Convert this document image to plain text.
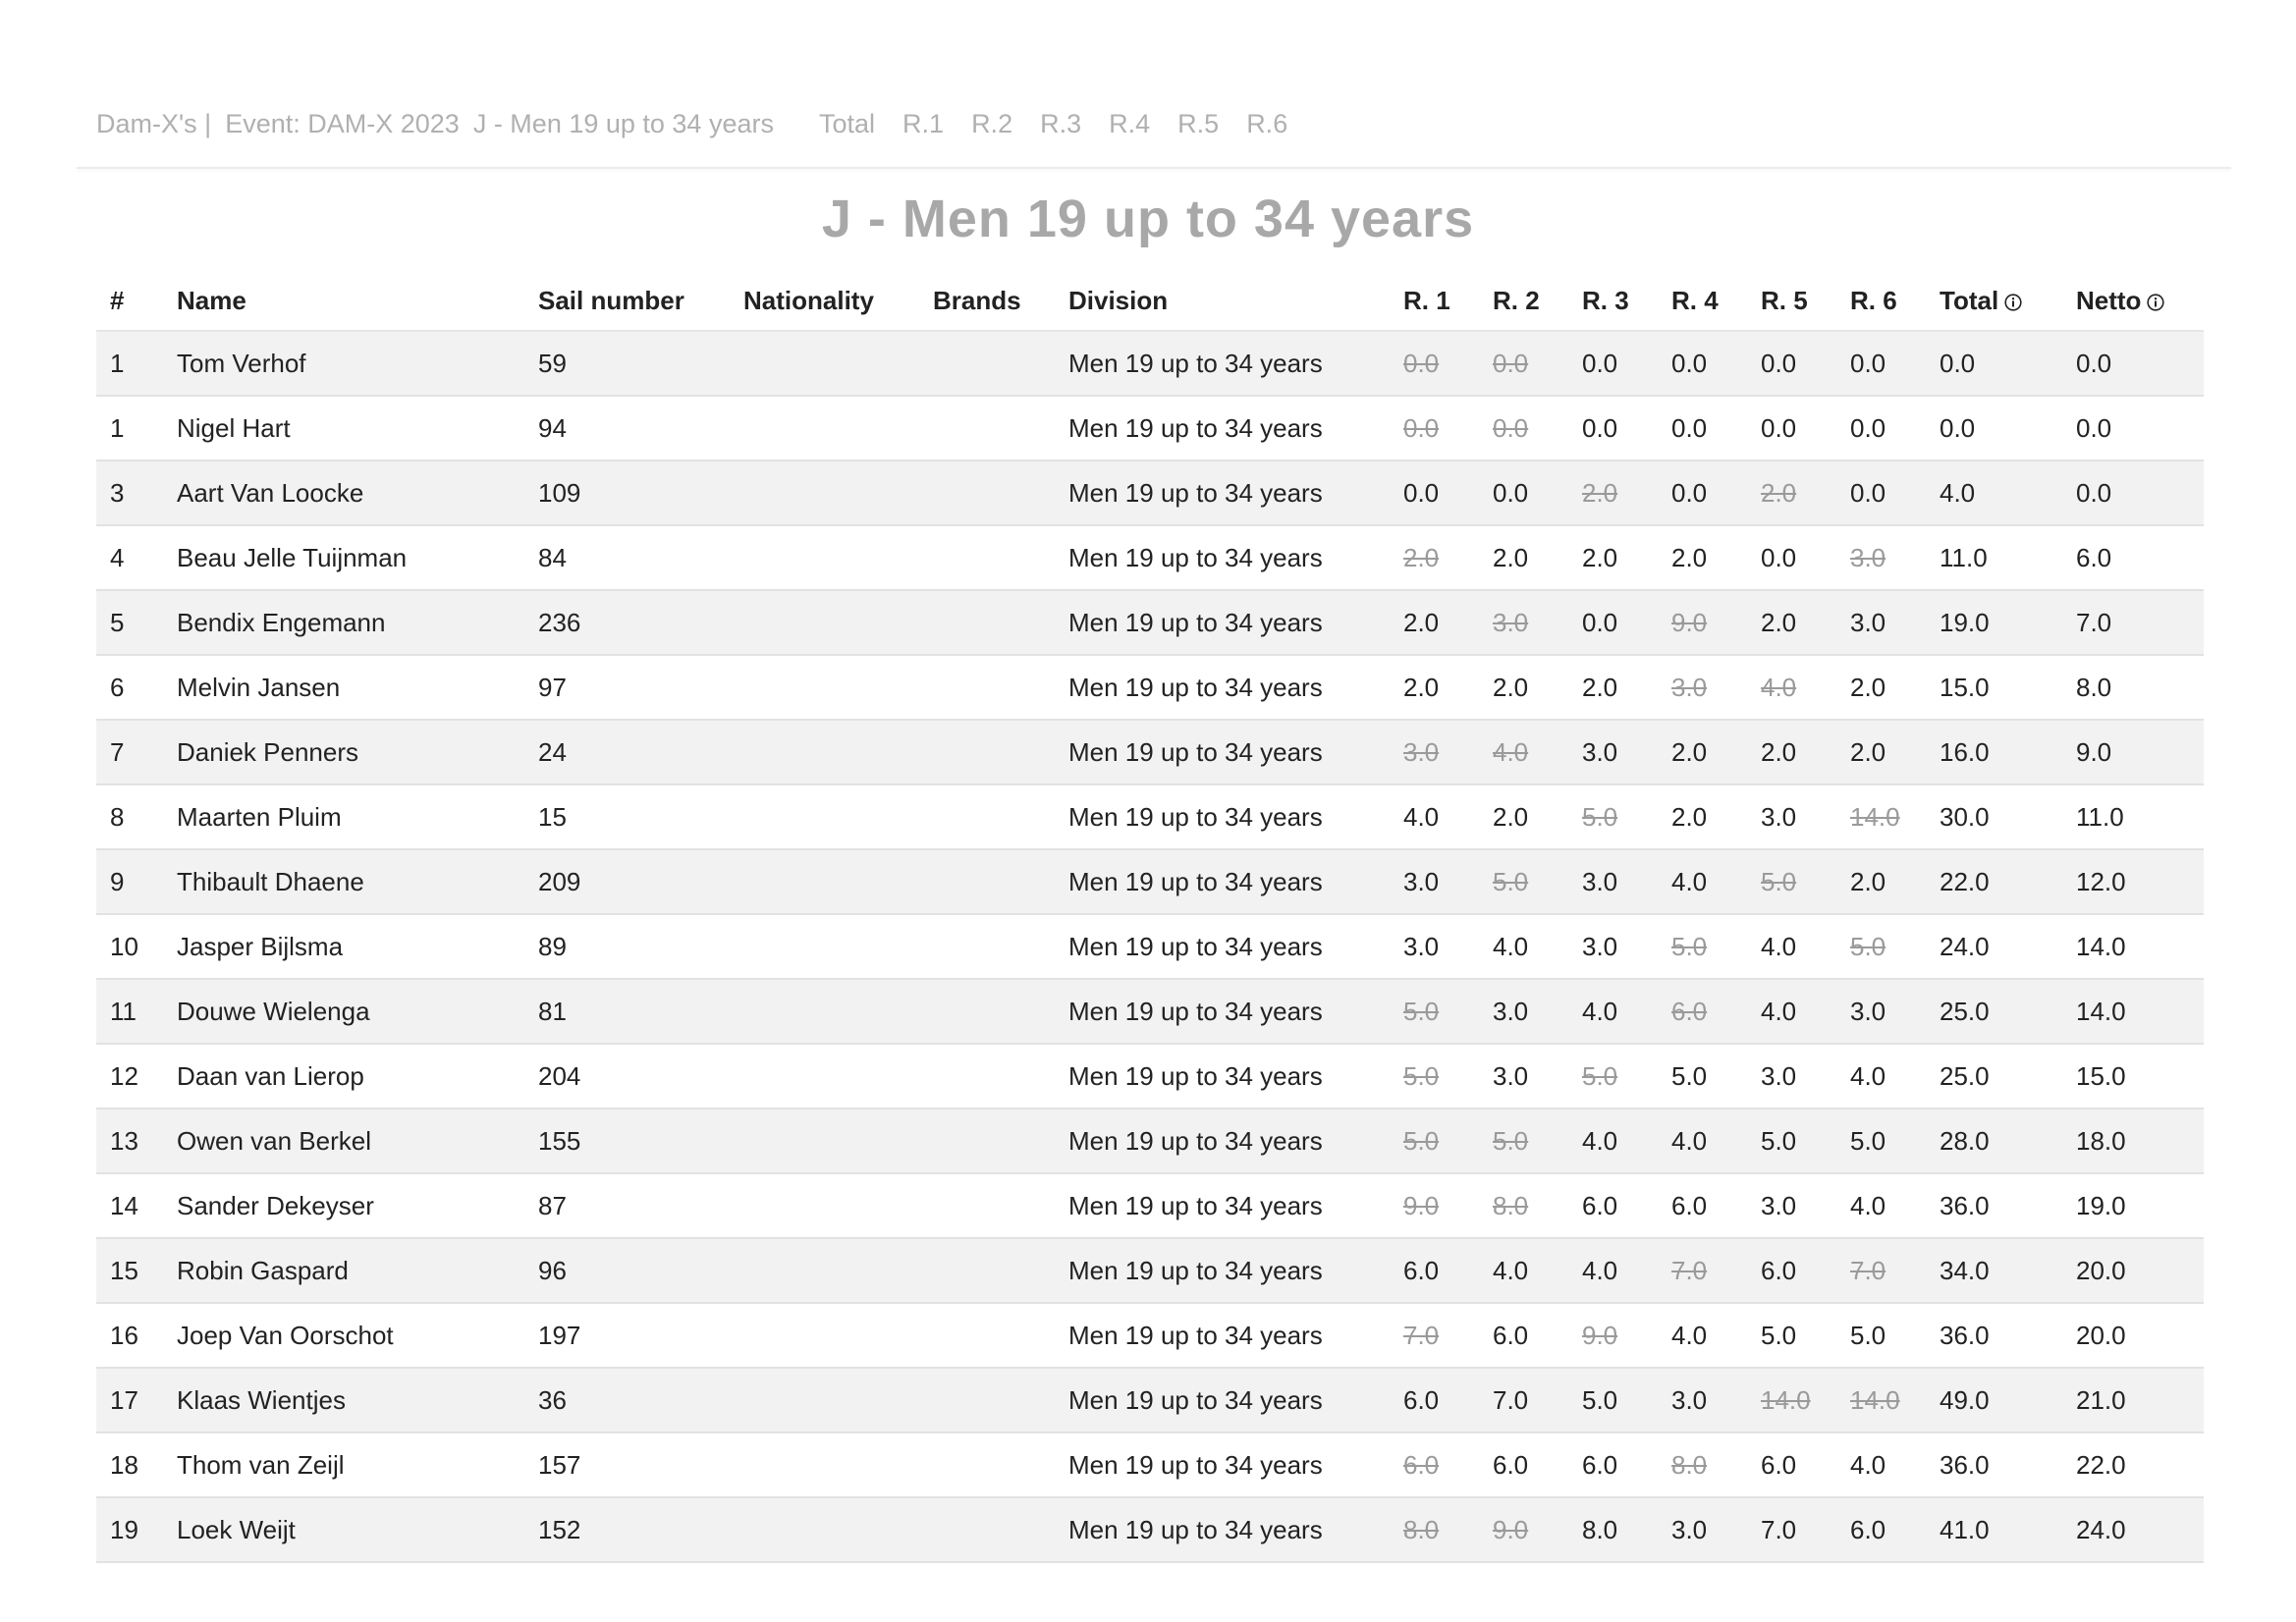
Dam-X's | Event: DAM-X 2023 J - Men 19 up to 34 years Total R.1 R.2 R.3 R.4 R.5 R.6
J - Men 19 up to 34 years
#	Name	Sail number	Nationality	Brands	Division	R. 1	R. 2	R. 3	R. 4	R. 5	R. 6	Total	Netto

1	Tom Verhof	59			Men 19 up to 34 years	0.0	0.0	0.0	0.0	0.0	0.0	0.0	0.0
1	Nigel Hart	94			Men 19 up to 34 years	0.0	0.0	0.0	0.0	0.0	0.0	0.0	0.0
3	Aart Van Loocke	109			Men 19 up to 34 years	0.0	0.0	2.0	0.0	2.0	0.0	4.0	0.0
4	Beau Jelle Tuijnman	84			Men 19 up to 34 years	2.0	2.0	2.0	2.0	0.0	3.0	11.0	6.0
5	Bendix Engemann	236			Men 19 up to 34 years	2.0	3.0	0.0	9.0	2.0	3.0	19.0	7.0
6	Melvin Jansen	97			Men 19 up to 34 years	2.0	2.0	2.0	3.0	4.0	2.0	15.0	8.0
7	Daniek Penners	24			Men 19 up to 34 years	3.0	4.0	3.0	2.0	2.0	2.0	16.0	9.0
8	Maarten Pluim	15			Men 19 up to 34 years	4.0	2.0	5.0	2.0	3.0	14.0	30.0	11.0
9	Thibault Dhaene	209			Men 19 up to 34 years	3.0	5.0	3.0	4.0	5.0	2.0	22.0	12.0
10	Jasper Bijlsma	89			Men 19 up to 34 years	3.0	4.0	3.0	5.0	4.0	5.0	24.0	14.0
11	Douwe Wielenga	81			Men 19 up to 34 years	5.0	3.0	4.0	6.0	4.0	3.0	25.0	14.0
12	Daan van Lierop	204			Men 19 up to 34 years	5.0	3.0	5.0	5.0	3.0	4.0	25.0	15.0
13	Owen van Berkel	155			Men 19 up to 34 years	5.0	5.0	4.0	4.0	5.0	5.0	28.0	18.0
14	Sander Dekeyser	87			Men 19 up to 34 years	9.0	8.0	6.0	6.0	3.0	4.0	36.0	19.0
15	Robin Gaspard	96			Men 19 up to 34 years	6.0	4.0	4.0	7.0	6.0	7.0	34.0	20.0
16	Joep Van Oorschot	197			Men 19 up to 34 years	7.0	6.0	9.0	4.0	5.0	5.0	36.0	20.0
17	Klaas Wientjes	36			Men 19 up to 34 years	6.0	7.0	5.0	3.0	14.0	14.0	49.0	21.0
18	Thom van Zeijl	157			Men 19 up to 34 years	6.0	6.0	6.0	8.0	6.0	4.0	36.0	22.0
19	Loek Weijt	152			Men 19 up to 34 years	8.0	9.0	8.0	3.0	7.0	6.0	41.0	24.0
